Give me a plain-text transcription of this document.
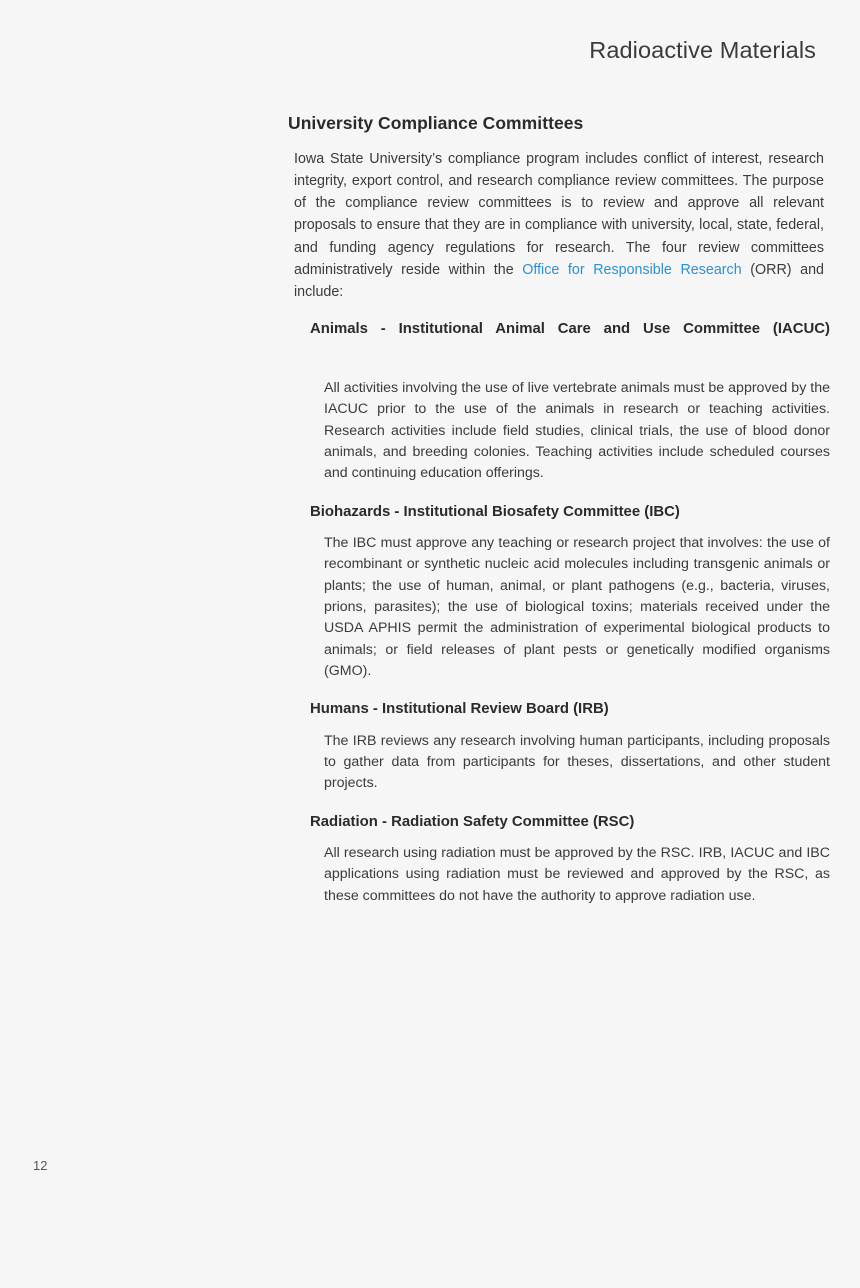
Radioactive Materials
University Compliance Committees

Iowa State University’s compliance program includes conflict of interest, research integrity, export control, and research compliance review committees. The purpose of the compliance review committees is to review and approve all relevant proposals to ensure that they are in compliance with university, local, state, federal, and funding agency regulations for research. The four review committees administratively reside within the Office for Responsible Research (ORR) and include:

Animals - Institutional Animal Care and Use Committee (IACUC)

All activities involving the use of live vertebrate animals must be approved by the IACUC prior to the use of the animals in research or teaching activities. Research activities include field studies, clinical trials, the use of blood donor animals, and breeding colonies. Teaching activities include scheduled courses and continuing education offerings.

Biohazards - Institutional Biosafety Committee (IBC)

The IBC must approve any teaching or research project that involves: the use of recombinant or synthetic nucleic acid molecules including transgenic animals or plants; the use of human, animal, or plant pathogens (e.g., bacteria, viruses, prions, parasites); the use of biological toxins; materials received under the USDA APHIS permit the administration of experimental biological products to animals; or field releases of plant pests or genetically modified organisms (GMO).

Humans - Institutional Review Board (IRB)

The IRB reviews any research involving human participants, including proposals to gather data from participants for theses, dissertations, and other student projects.

Radiation - Radiation Safety Committee (RSC)

All research using radiation must be approved by the RSC. IRB, IACUC and IBC applications using radiation must be reviewed and approved by the RSC, as these committees do not have the authority to approve radiation use.

12
